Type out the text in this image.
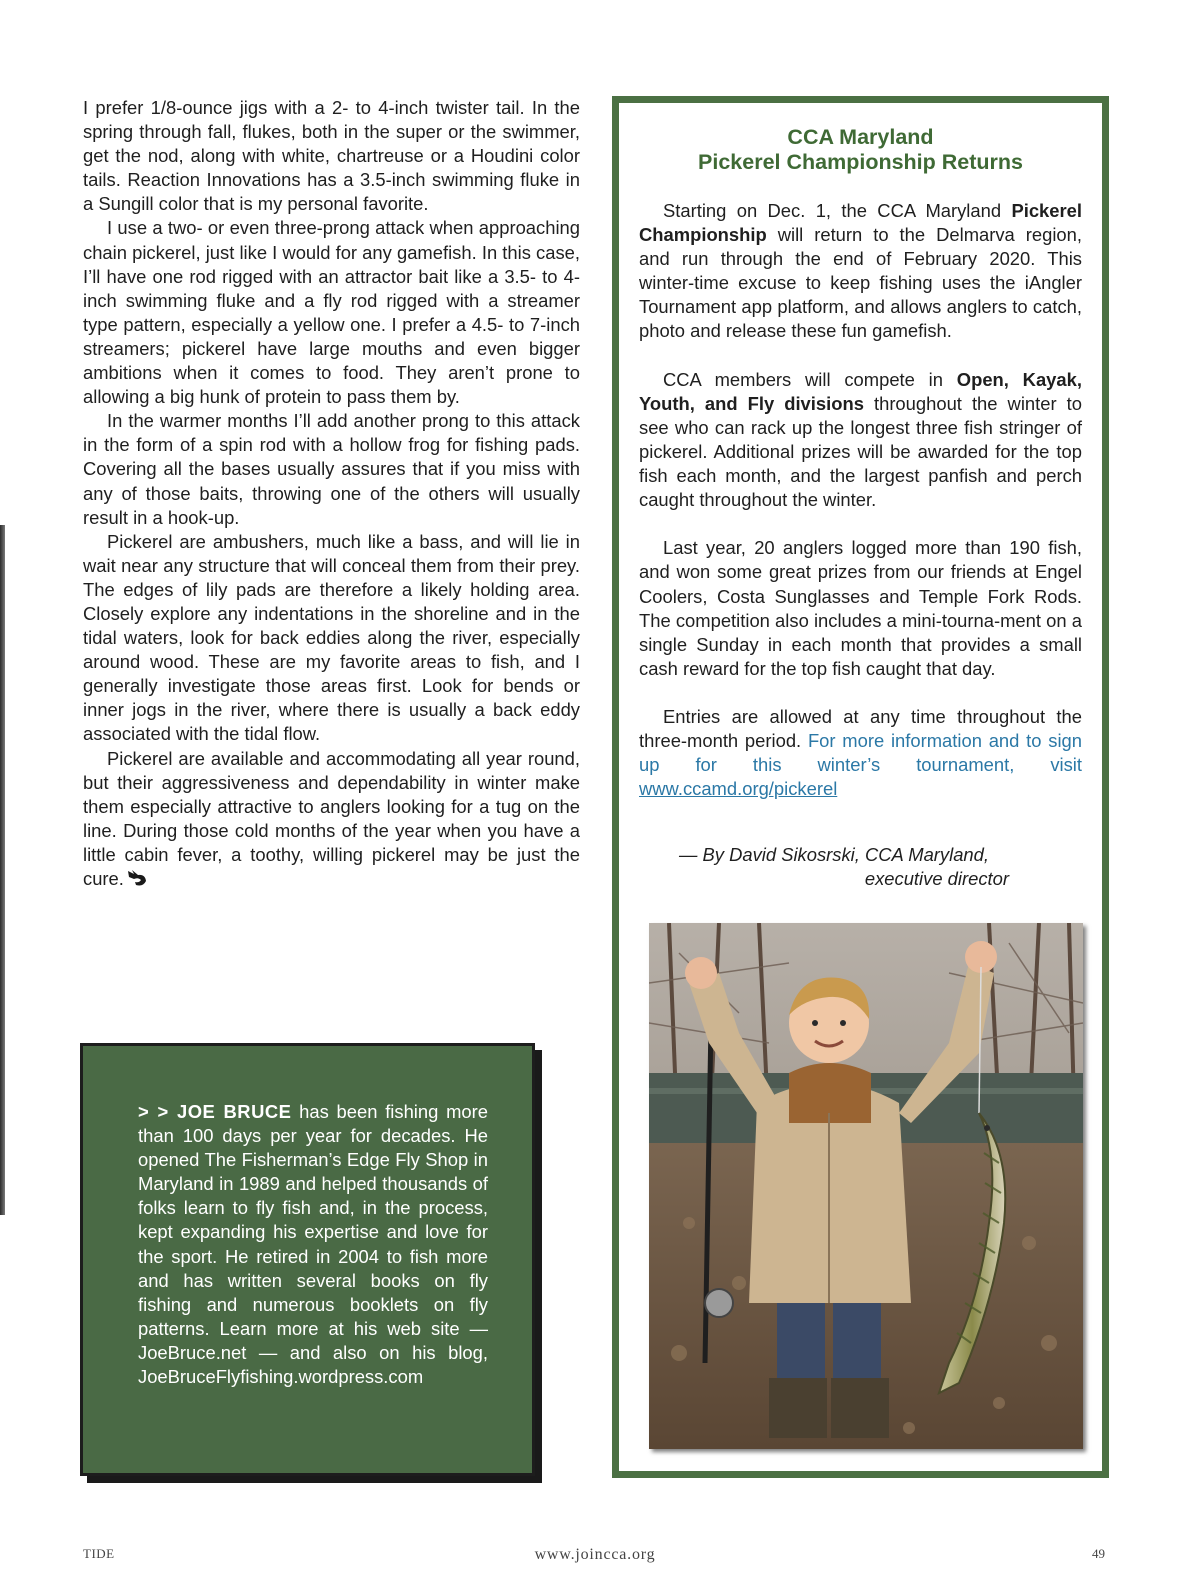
I prefer 1/8-ounce jigs with a 2- to 4-inch twister tail. In the spring through fall, flukes, both in the super or the swimmer, get the nod, along with white, chartreuse or a Houdini color tails. Reaction Innovations has a 3.5-inch swimming fluke in a Sungill color that is my personal favorite.

I use a two- or even three-prong attack when approaching chain pickerel, just like I would for any gamefish. In this case, I’ll have one rod rigged with an attractor bait like a 3.5- to 4-inch swimming fluke and a fly rod rigged with a streamer type pattern, especially a yellow one. I prefer a 4.5- to 7-inch streamers; pickerel have large mouths and even bigger ambitions when it comes to food. They aren’t prone to allowing a big hunk of protein to pass them by.

In the warmer months I’ll add another prong to this attack in the form of a spin rod with a hollow frog for fishing pads. Covering all the bases usually assures that if you miss with any of those baits, throwing one of the others will usually result in a hook-up.

Pickerel are ambushers, much like a bass, and will lie in wait near any structure that will conceal them from their prey. The edges of lily pads are therefore a likely holding area. Closely explore any indentations in the shoreline and in the tidal waters, look for back eddies along the river, especially around wood. These are my favorite areas to fish, and I generally investigate those areas first. Look for bends or inner jogs in the river, where there is usually a back eddy associated with the tidal flow.

Pickerel are available and accommodating all year round, but their aggressiveness and dependability in winter make them especially attractive to anglers looking for a tug on the line. During those cold months of the year when you have a little cabin fever, a toothy, willing pickerel may be just the cure.

> > JOE BRUCE has been fishing more than 100 days per year for decades. He opened The Fisherman’s Edge Fly Shop in Maryland in 1989 and helped thousands of folks learn to fly fish and, in the process, kept expanding his expertise and love for the sport. He retired in 2004 to fish more and has written several books on fly fishing and numerous booklets on fly patterns. Learn more at his web site — JoeBruce.net — and also on his blog, JoeBruceFlyfishing.wordpress.com
CCA Maryland
Pickerel Championship Returns

Starting on Dec. 1, the CCA Maryland Pickerel Championship will return to the Delmarva region, and run through the end of February 2020. This winter-time excuse to keep fishing uses the iAngler Tournament app platform, and allows anglers to catch, photo and release these fun gamefish.

CCA members will compete in Open, Kayak, Youth, and Fly divisions throughout the winter to see who can rack up the longest three fish stringer of pickerel. Additional prizes will be awarded for the top fish each month, and the largest panfish and perch caught throughout the winter.

Last year, 20 anglers logged more than 190 fish, and won some great prizes from our friends at Engel Coolers, Costa Sunglasses and Temple Fork Rods. The competition also includes a mini-tourna-ment on a single Sunday in each month that provides a small cash reward for the top fish caught that day.

Entries are allowed at any time throughout the three-month period. For more information and to sign up for this winter’s tournament, visit www.ccamd.org/pickerel

— By David Sikosrski, CCA Maryland,
executive director
TIDE	www.joincca.org	49
